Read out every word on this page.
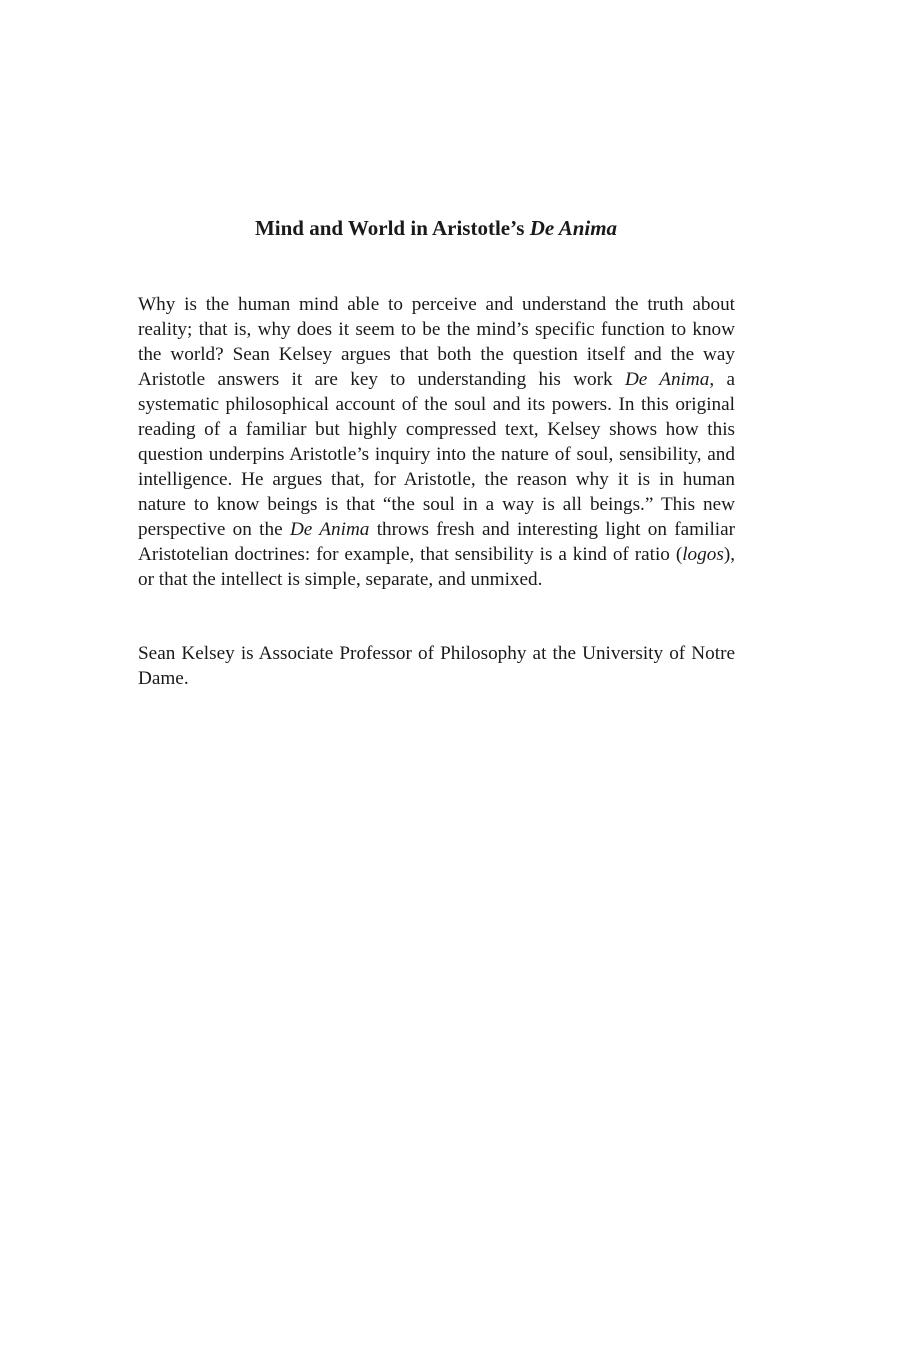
Mind and World in Aristotle’s De Anima

Why is the human mind able to perceive and understand the truth about reality; that is, why does it seem to be the mind’s specific function to know the world? Sean Kelsey argues that both the question itself and the way Aristotle answers it are key to understanding his work De Anima, a systematic philosophical account of the soul and its powers. In this original reading of a familiar but highly compressed text, Kelsey shows how this question underpins Aristotle’s inquiry into the nature of soul, sensibility, and intelligence. He argues that, for Aristotle, the reason why it is in human nature to know beings is that “the soul in a way is all beings.” This new perspective on the De Anima throws fresh and interesting light on familiar Aristotelian doctrines: for example, that sensibility is a kind of ratio (logos), or that the intellect is simple, separate, and unmixed.

Sean Kelsey is Associate Professor of Philosophy at the University of Notre Dame.
